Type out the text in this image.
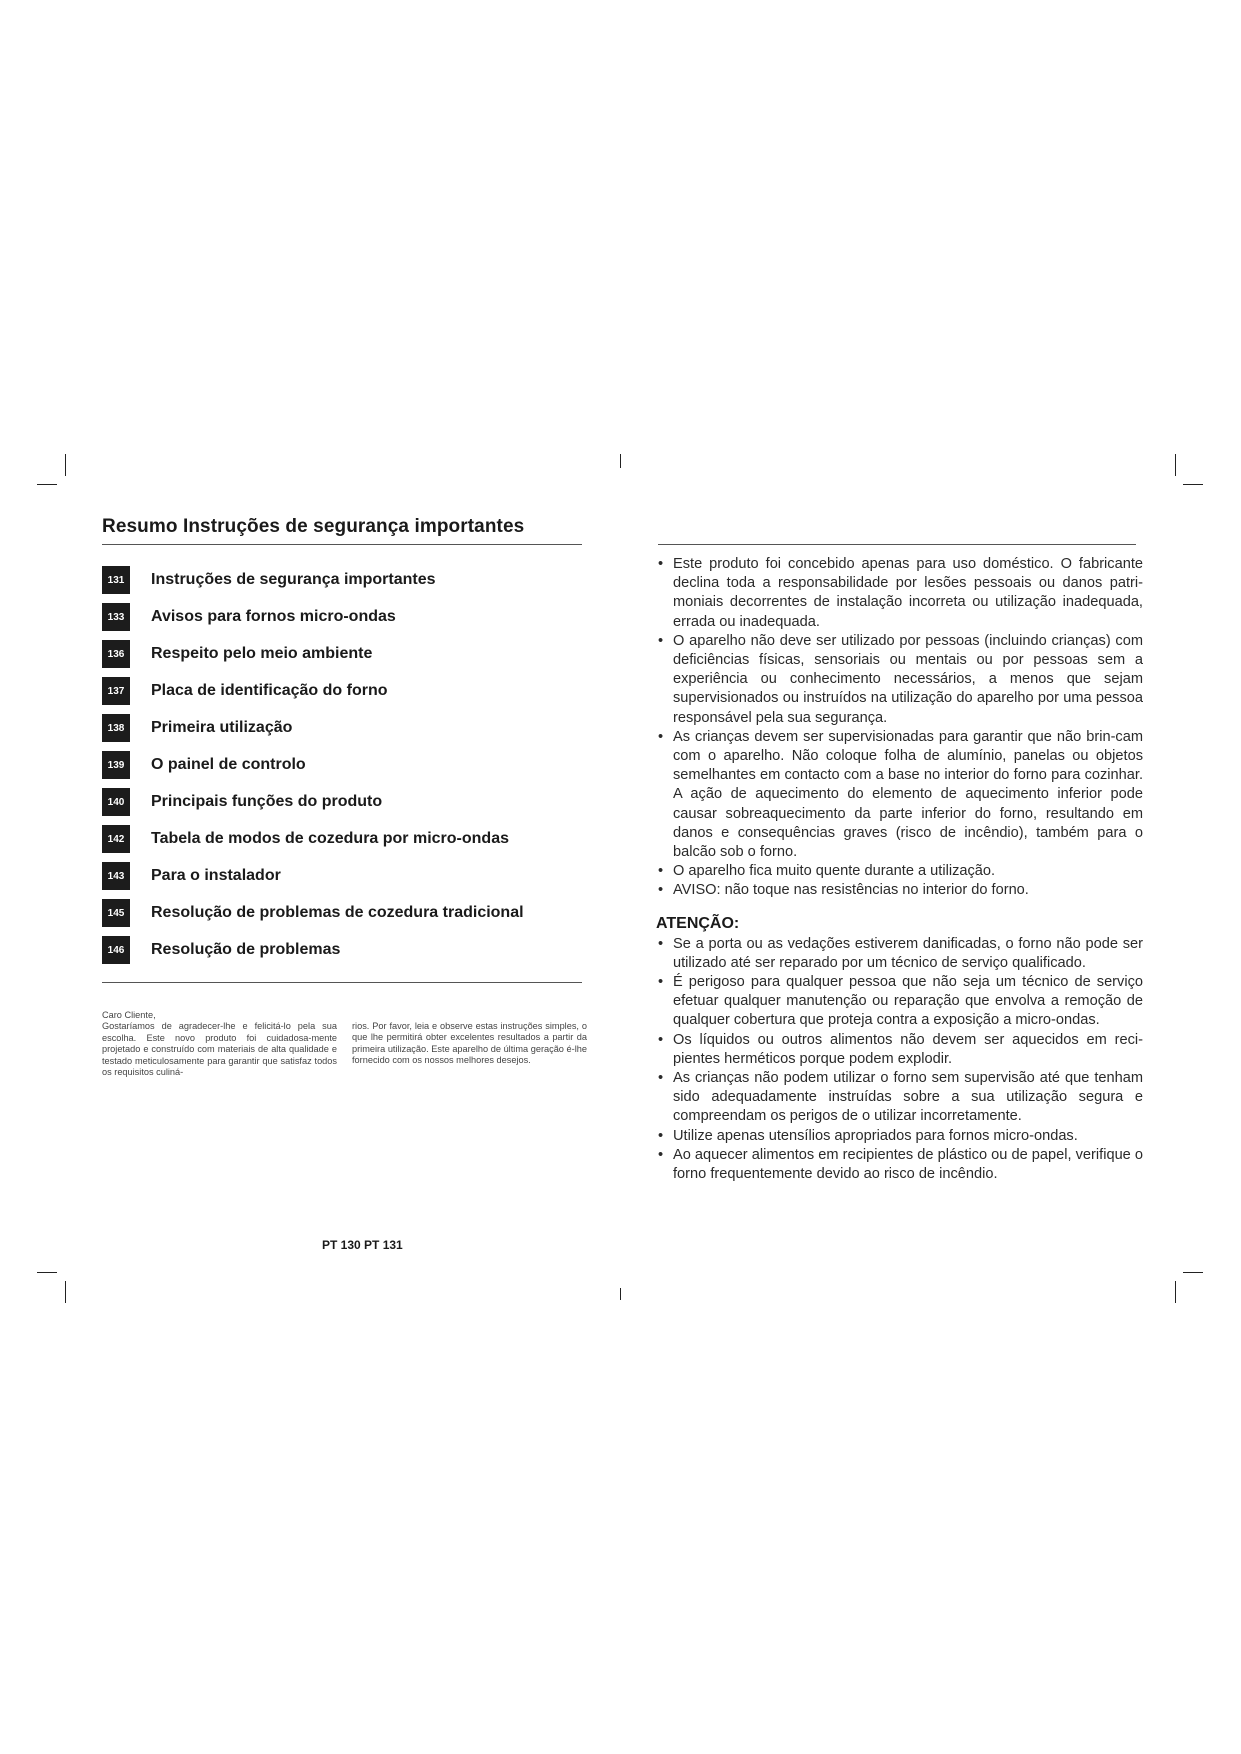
Resumo Instruções de segurança importantes
131	Instruções de segurança importantes
133	Avisos para fornos micro-ondas
136	Respeito pelo meio ambiente
137	Placa de identificação do forno
138	Primeira utilização
139	O painel de controlo
140	Principais funções do produto
142	Tabela de modos de cozedura por micro-ondas
143	Para o instalador
145	Resolução de problemas de cozedura tradicional
146	Resolução de problemas

Caro Cliente,

Gostaríamos de agradecer-lhe e felicitá-lo pela sua escolha. Este novo produto foi cuidadosa-mente projetado e construído com materiais de alta qualidade e testado meticulosamente para garantir que satisfaz todos os requisitos culiná-

rios. Por favor, leia e observe estas instruções simples, o que lhe permitirá obter excelentes resultados a partir da primeira utilização. Este aparelho de última geração é-lhe fornecido com os nossos melhores desejos.

PT 130 PT 131
• Este produto foi concebido apenas para uso doméstico. O fabricante declina toda a responsabilidade por lesões pessoais ou danos patri-moniais decorrentes de instalação incorreta ou utilização inadequada, errada ou inadequada.
• O aparelho não deve ser utilizado por pessoas (incluindo crianças) com deficiências físicas, sensoriais ou mentais ou por pessoas sem a experiência ou conhecimento necessários, a menos que sejam supervisionados ou instruídos na utilização do aparelho por uma pessoa responsável pela sua segurança.
• As crianças devem ser supervisionadas para garantir que não brin-cam com o aparelho. Não coloque folha de alumínio, panelas ou objetos semelhantes em contacto com a base no interior do forno para cozinhar. A ação de aquecimento do elemento de aquecimento inferior pode causar sobreaquecimento da parte inferior do forno, resultando em danos e consequências graves (risco de incêndio), também para o balcão sob o forno.
• O aparelho fica muito quente durante a utilização.
• AVISO: não toque nas resistências no interior do forno.
ATENÇÃO:
• Se a porta ou as vedações estiverem danificadas, o forno não pode ser utilizado até ser reparado por um técnico de serviço qualificado.
• É perigoso para qualquer pessoa que não seja um técnico de serviço efetuar qualquer manutenção ou reparação que envolva a remoção de qualquer cobertura que proteja contra a exposição a micro-ondas.
• Os líquidos ou outros alimentos não devem ser aquecidos em reci-pientes herméticos porque podem explodir.
• As crianças não podem utilizar o forno sem supervisão até que tenham sido adequadamente instruídas sobre a sua utilização segura e compreendam os perigos de o utilizar incorretamente.
• Utilize apenas utensílios apropriados para fornos micro-ondas.
• Ao aquecer alimentos em recipientes de plástico ou de papel, verifique o forno frequentemente devido ao risco de incêndio.
